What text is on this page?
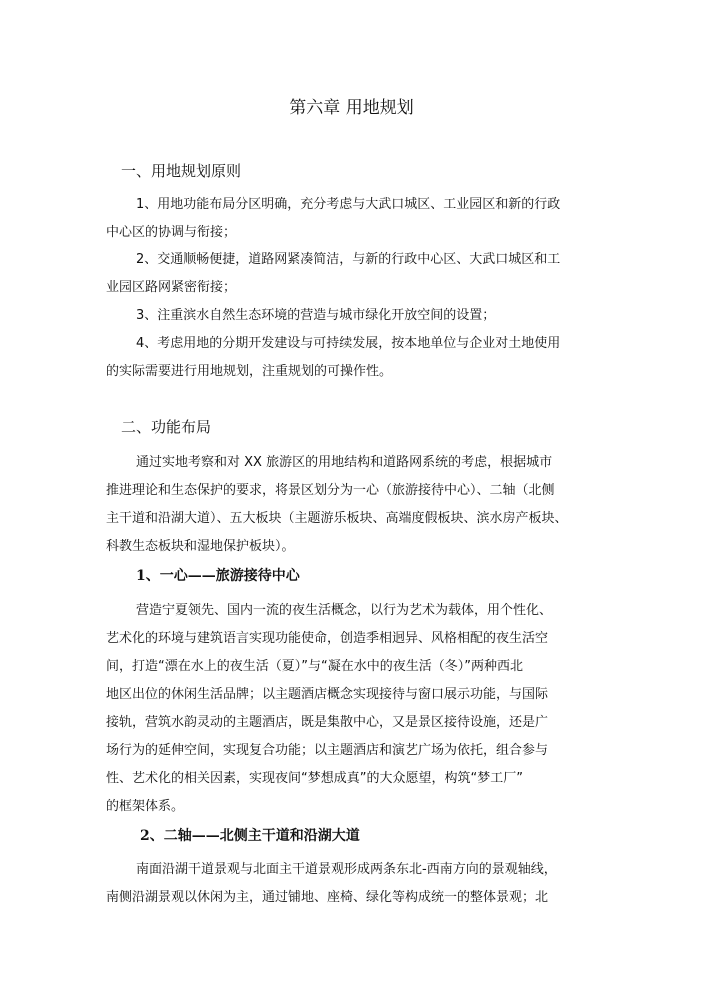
第六章 用地规划
一、用地规划原则
1、用地功能布局分区明确，充分考虑与大武口城区、工业园区和新的行政
中心区的协调与衔接；
2、交通顺畅便捷，道路网紧凑简洁，与新的行政中心区、大武口城区和工
业园区路网紧密衔接；
3、注重滨水自然生态环境的营造与城市绿化开放空间的设置；
4、考虑用地的分期开发建设与可持续发展，按本地单位与企业对土地使用
的实际需要进行用地规划，注重规划的可操作性。
二、功能布局
通过实地考察和对 XX 旅游区的用地结构和道路网系统的考虑，根据城市
推进理论和生态保护的要求，将景区划分为一心（旅游接待中心）、二轴（北侧
主干道和沿湖大道）、五大板块（主题游乐板块、高端度假板块、滨水房产板块、
科教生态板块和湿地保护板块）。
1、一心——旅游接待中心
营造宁夏领先、国内一流的夜生活概念，以行为艺术为载体，用个性化、
艺术化的环境与建筑语言实现功能使命，创造季相迥异、风格相配的夜生活空
间，打造“漂在水上的夜生活（夏）”与“凝在水中的夜生活（冬）”两种西北
地区出位的休闲生活品牌；以主题酒店概念实现接待与窗口展示功能，与国际
接轨，营筑水韵灵动的主题酒店，既是集散中心，又是景区接待设施，还是广
场行为的延伸空间，实现复合功能；以主题酒店和演艺广场为依托，组合参与
性、艺术化的相关因素，实现夜间“梦想成真”的大众愿望，构筑“梦工厂”
的框架体系。
2、二轴——北侧主干道和沿湖大道
南面沿湖干道景观与北面主干道景观形成两条东北-西南方向的景观轴线，
南侧沿湖景观以休闲为主，通过铺地、座椅、绿化等构成统一的整体景观；北
